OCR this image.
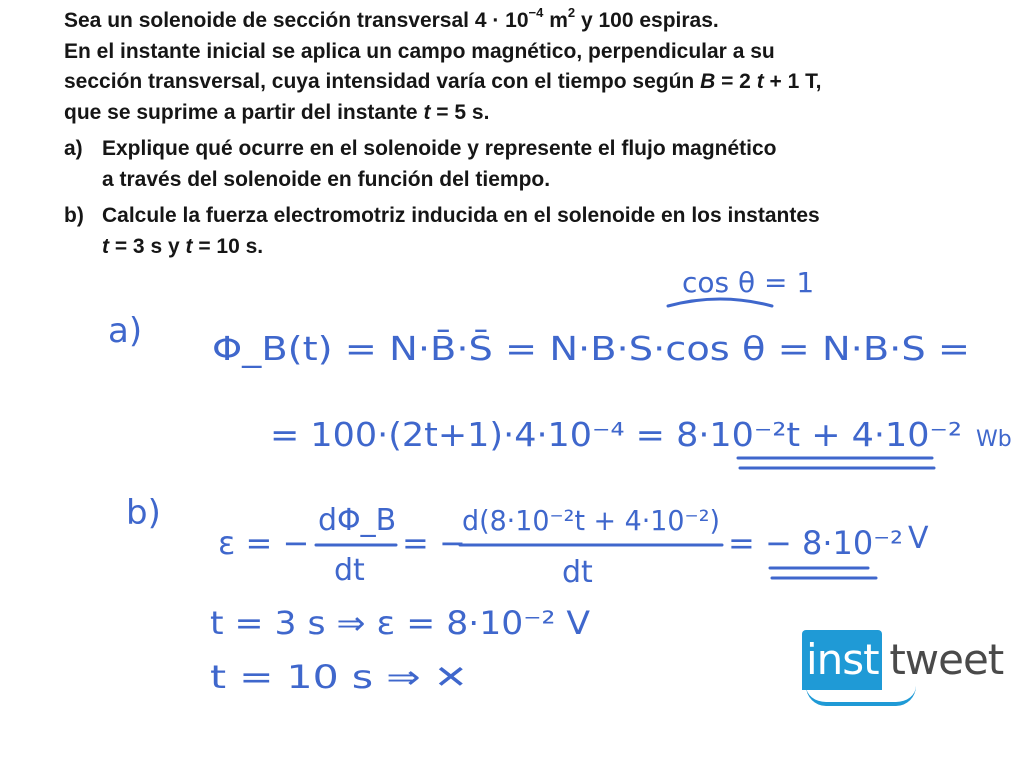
Sea un solenoide de sección transversal $4 \cdot 10^{-4}$ $m^2$ y 100 espiras.

En el instante inicial se aplica un campo magnético, perpendicular a su

sección transversal, cuya intensidad varía con el tiempo según B = 2 t + 1 T,

que se suprime a partir del instante t = 5 s.

a) Explique qué ocurre en el solenoide y represente el flujo magnético
a través del solenoide en función del tiempo.
b) Calcule la fuerza electromotriz inducida en el solenoide en los instantes
t = 3 s y t = 10 s.
cos θ = 1
a) Φ_B(t) = N·B̄·S̄ = N·B·S·cos θ = N·B·S =
= 100·(2t+1)·4·10⁻⁴ = 8·10⁻²t + 4·10⁻² Wb
b)
ε = −
dΦ_B
dt
= −
d(8·10⁻²t + 4·10⁻²)
dt
= − 8·10⁻² V
t = 3 s ⇒ ε = 8·10⁻² V
t = 10 s ⇒ ✕	institweet
